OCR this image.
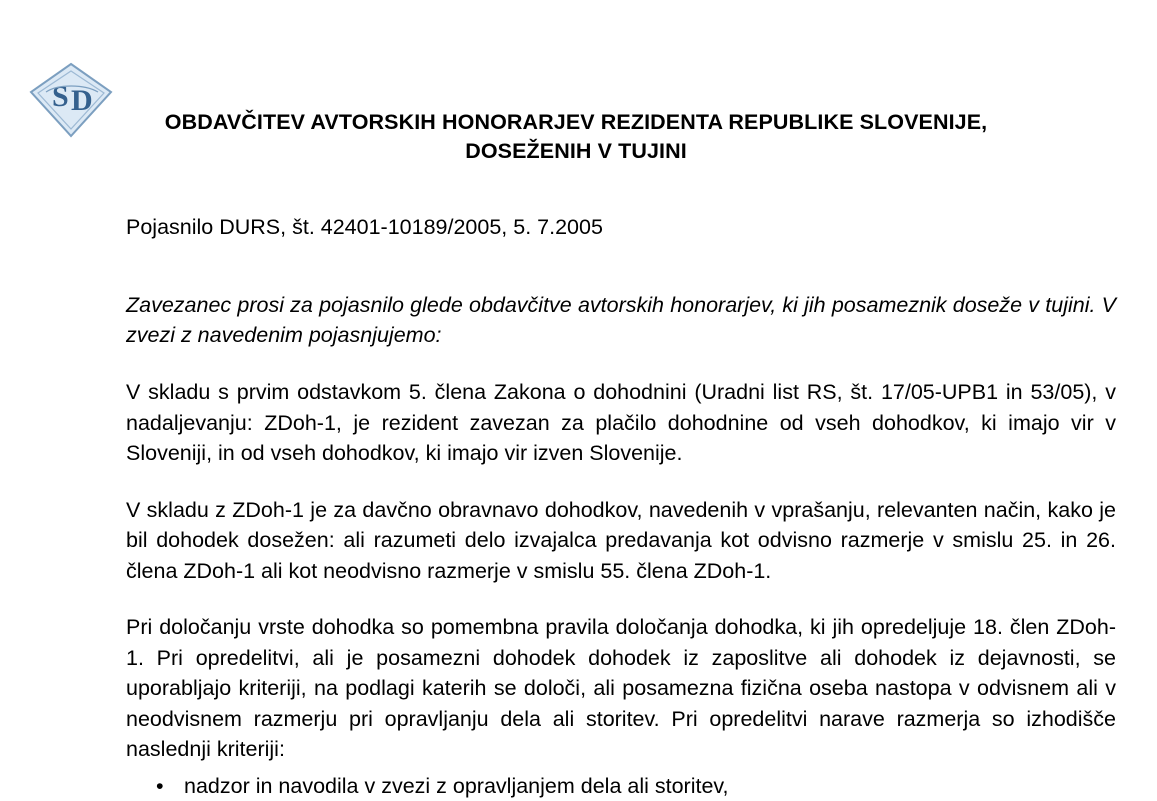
S D
OBDAVČITEV AVTORSKIH HONORARJEV REZIDENTA REPUBLIKE SLOVENIJE, DOSEŽENIH V TUJINI
Pojasnilo DURS, št. 42401-10189/2005, 5. 7.2005
Zavezanec prosi za pojasnilo glede obdavčitve avtorskih honorarjev, ki jih posameznik doseže v tujini. V zvezi z navedenim pojasnjujemo:

V skladu s prvim odstavkom 5. člena Zakona o dohodnini (Uradni list RS, št. 17/05-UPB1 in 53/05), v nadaljevanju: ZDoh-1, je rezident zavezan za plačilo dohodnine od vseh dohodkov, ki imajo vir v Sloveniji, in od vseh dohodkov, ki imajo vir izven Slovenije.

V skladu z ZDoh-1 je za davčno obravnavo dohodkov, navedenih v vprašanju, relevanten način, kako je bil dohodek dosežen: ali razumeti delo izvajalca predavanja kot odvisno razmerje v smislu 25. in 26. člena ZDoh-1 ali kot neodvisno razmerje v smislu 55. člena ZDoh-1.

Pri določanju vrste dohodka so pomembna pravila določanja dohodka, ki jih opredeljuje 18. člen ZDoh-1. Pri opredelitvi, ali je posamezni dohodek dohodek iz zaposlitve ali dohodek iz dejavnosti, se uporabljajo kriteriji, na podlagi katerih se določi, ali posamezna fizična oseba nastopa v odvisnem ali v neodvisnem razmerju pri opravljanju dela ali storitev. Pri opredelitvi narave razmerja so izhodišče naslednji kriteriji:

• nadzor in navodila v zvezi z opravljanjem dela ali storitev,
